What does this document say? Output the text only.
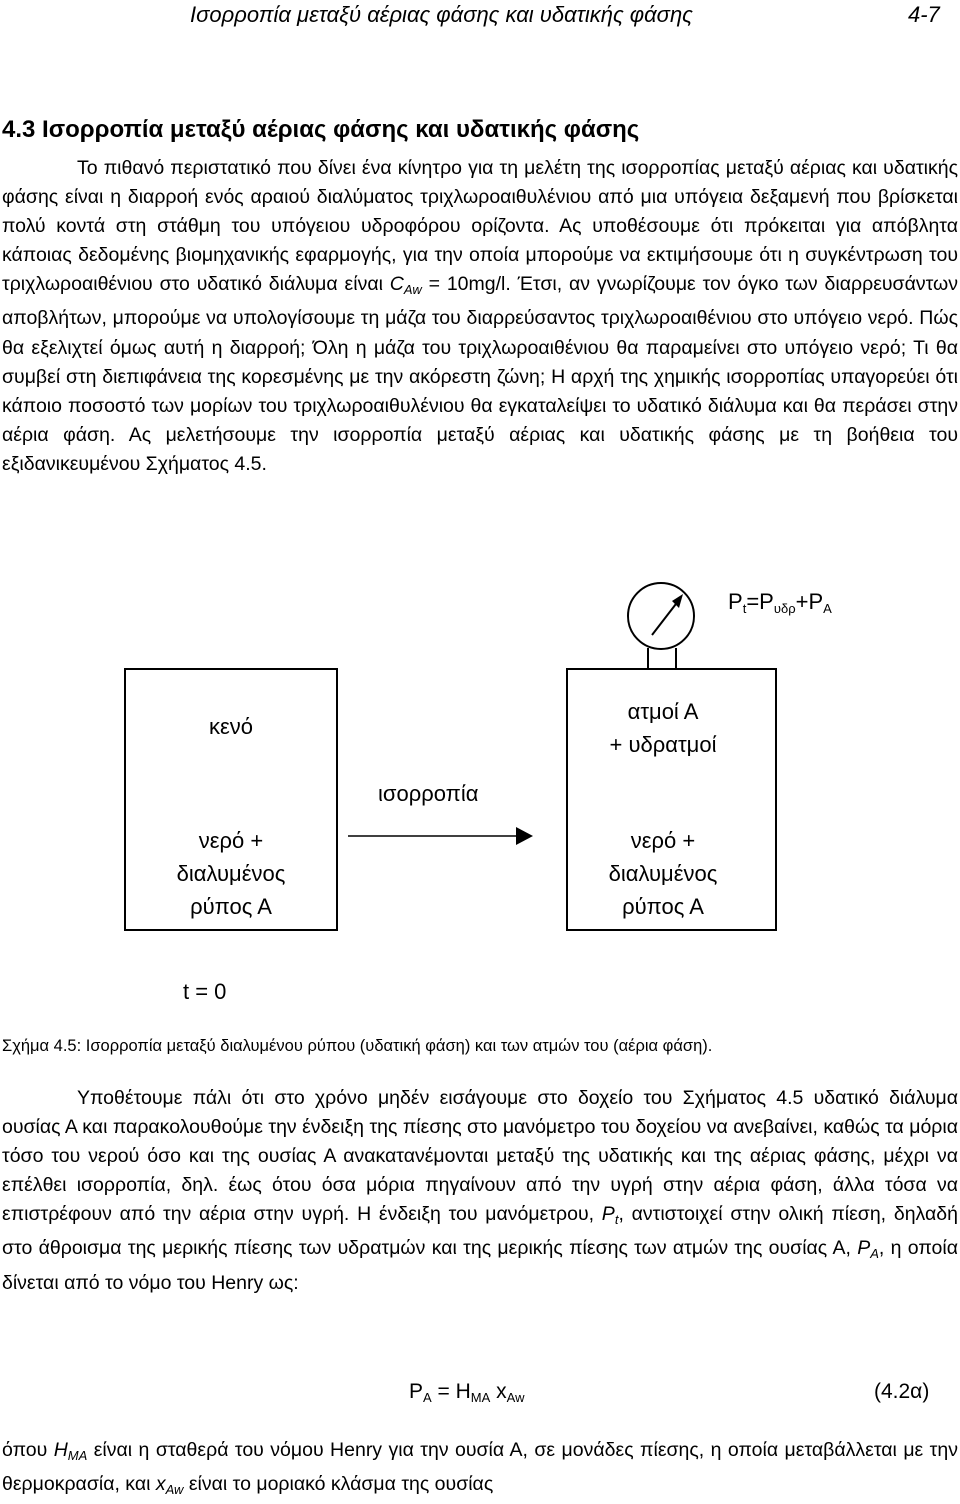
Ισορροπία μεταξύ αέριας φάσης και υδατικής φάσης	4-7
4.3 Ισορροπία μεταξύ αέριας φάσης και υδατικής φάσης

Το πιθανό περιστατικό που δίνει ένα κίνητρο για τη μελέτη της ισορροπίας μεταξύ αέριας και υδατικής φάσης είναι η διαρροή ενός αραιού διαλύματος τριχλωροαιθυλένιου από μια υπόγεια δεξαμενή που βρίσκεται πολύ κοντά στη στάθμη του υπόγειου υδροφόρου ορίζοντα. Ας υποθέσουμε ότι πρόκειται για απόβλητα κάποιας δεδομένης βιομηχανικής εφαρμογής, για την οποία μπορούμε να εκτιμήσουμε ότι η συγκέντρωση του τριχλωροαιθένιου στο υδατικό διάλυμα είναι $C_{Aw} = 10mg/l$. Έτσι, αν γνωρίζουμε τον όγκο των διαρρευσάντων αποβλήτων, μπορούμε να υπολογίσουμε τη μάζα του διαρρεύσαντος τριχλωροαιθένιου στο υπόγειο νερό. Πώς θα εξελιχτεί όμως αυτή η διαρροή; Όλη η μάζα του τριχλωροαιθένιου θα παραμείνει στο υπόγειο νερό; Τι θα συμβεί στη διεπιφάνεια της κορεσμένης με την ακόρεστη ζώνη; Η αρχή της χημικής ισορροπίας υπαγορεύει ότι κάποιο ποσοστό των μορίων του τριχλωροαιθυλένιου θα εγκαταλείψει το υδατικό διάλυμα και θα περάσει στην αέρια φάση. Ας μελετήσουμε την ισορροπία μεταξύ αέριας και υδατικής φάσης με τη βοήθεια του εξιδανικευμένου Σχήματος 4.5.

$P_t=P_{\upsilon\delta\rho}+P_A$
κενό
νερό +
διαλυμένος
ρύπος Α
ατμοί Α
+ υδρατμοί
νερό +
διαλυμένος
ρύπος Α
ισορροπία
t = 0
Σχήμα 4.5: Ισορροπία μεταξύ διαλυμένου ρύπου (υδατική φάση) και των ατμών του (αέρια φάση).

Υποθέτουμε πάλι ότι στο χρόνο μηδέν εισάγουμε στο δοχείο του Σχήματος 4.5 υδατικό διάλυμα ουσίας Α και παρακολουθούμε την ένδειξη της πίεσης στο μανόμετρο του δοχείου να ανεβαίνει, καθώς τα μόρια τόσο του νερού όσο και της ουσίας Α ανακατανέμονται μεταξύ της υδατικής και της αέριας φάσης, μέχρι να επέλθει ισορροπία, δηλ. έως ότου όσα μόρια πηγαίνουν από την υγρή στην αέρια φάση, άλλα τόσα να επιστρέφουν από την αέρια στην υγρή. Η ένδειξη του μανόμετρου, $P_t$, αντιστοιχεί στην ολική πίεση, δηλαδή στο άθροισμα της μερικής πίεσης των υδρατμών και της μερικής πίεσης των ατμών της ουσίας Α, $P_A$, η οποία δίνεται από το νόμο του Henry ως:

$P_A = H_{MA}$ $x_{Aw}$	(4.2α)

όπου $H_{MA}$ είναι η σταθερά του νόμου Henry για την ουσία Α, σε μονάδες πίεσης, η οποία μεταβάλλεται με την θερμοκρασία, και $x_{Aw}$ είναι το μοριακό κλάσμα της ουσίας
